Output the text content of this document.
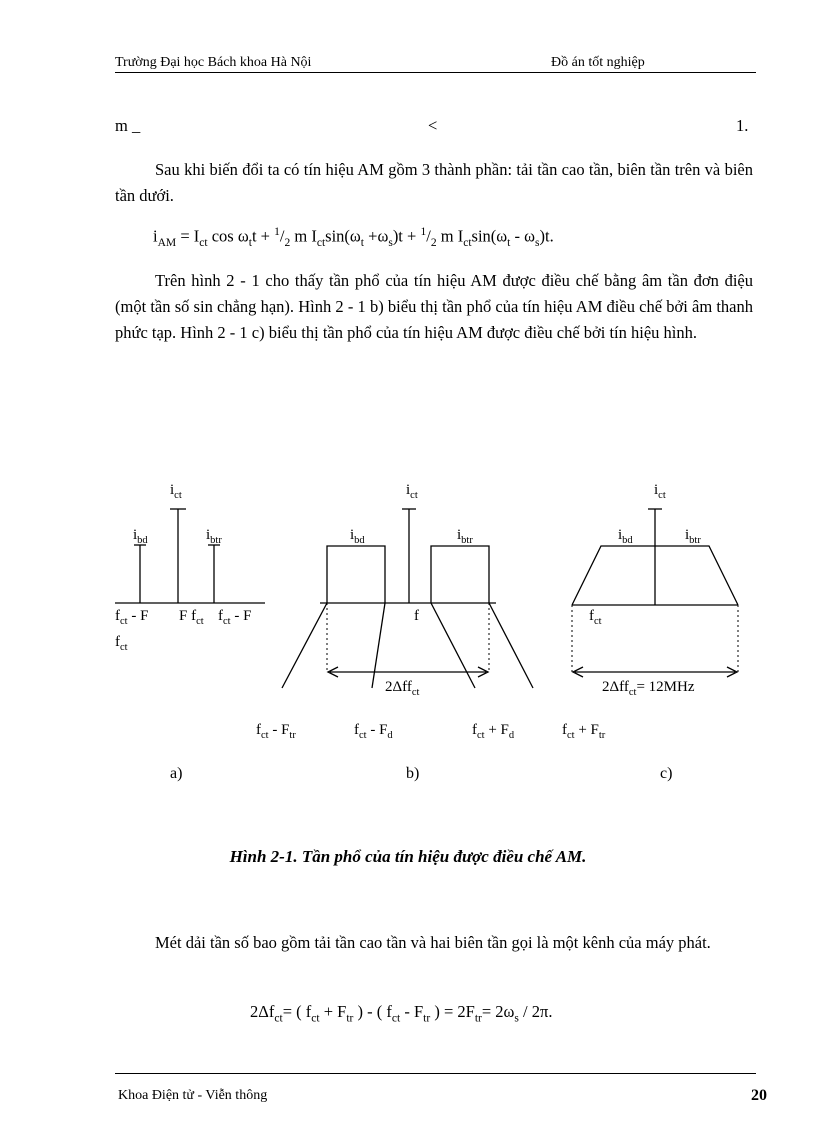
Trường Đại học Bách khoa Hà Nội	Đồ án tốt nghiệp
m _	<	1.
Sau khi biến đổi ta có tín hiệu AM gồm 3 thành phần: tải tần cao tần, biên tần trên và biên tần dưới.
$i_{AM} = I_{ct}$ $\cos \omega_tt + ^1/_2$ m $I_{ct}\sin(\omega_t +\omega_s)t + ^1/_2$ m $I_{ct}\sin(\omega_t - \omega_s)t$.
Trên hình 2 - 1 cho thấy tần phổ của tín hiệu AM được điều chế bằng âm tần đơn điệu (một tần số sin chẳng hạn). Hình 2 - 1 b) biểu thị tần phổ của tín hiệu AM điều chế bởi âm thanh phức tạp. Hình 2 - 1 c) biểu thị tần phổ của tín hiệu AM được điều chế bởi tín hiệu hình.
$i_{ct}$
$i_{bd}$	$i_{btr}$
$f_{ct}$ - F F $f_{ct}$ $f_{ct}$ - F
$f_{ct}$
a)
$i_{ct}$
$i_{bd}$	$i_{btr}$
f
2Δff$_{ct}$
$f_{ct} - F_{tr}$	$f_{ct} - F_d$	$f_{ct} + F_d$	$f_{ct} + F_{tr}$
b)
$i_{ct}$
$i_{bd}$	$i_{btr}$
$f_{ct}$
2Δff$_{ct}$= 12MHz
c)
Hình 2-1. Tần phổ của tín hiệu được điều chế AM.
Mét dải tần số bao gồm tải tần cao tần và hai biên tần gọi là một kênh của máy phát.
$2\Delta f_{ct}=$ ( $f_{ct} + F_{tr}$ ) - ( $f_{ct} - F_{tr}$ ) = $2F_{tr}= 2\omega_s / 2\pi$.
Khoa Điện tử - Viễn thông	20
